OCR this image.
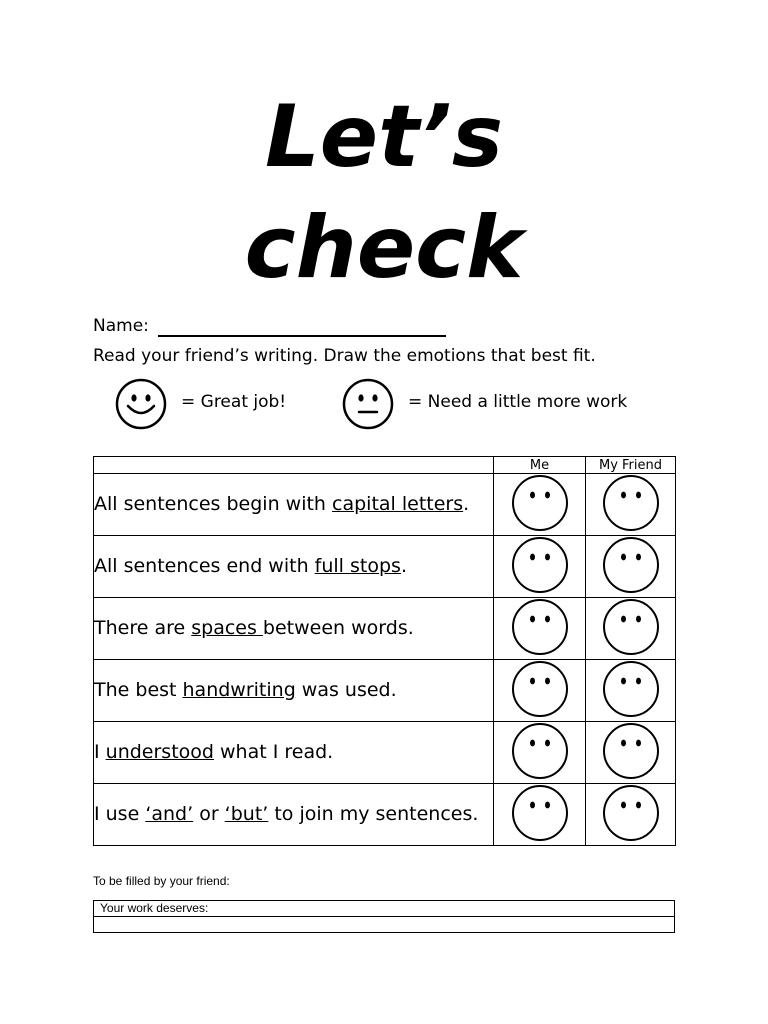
Let’s
check
Name:
Read your friend’s writing. Draw the emotions that best fit.
= Great job!	= Need a little more work
	Me	My Friend
All sentences begin with capital letters.		
All sentences end with full stops.		
There are spaces between words.		
The best handwriting was used.		
I understood what I read.		
I use ‘and’ or ‘but’ to join my sentences.		
To be filled by your friend:
Your work deserves:
